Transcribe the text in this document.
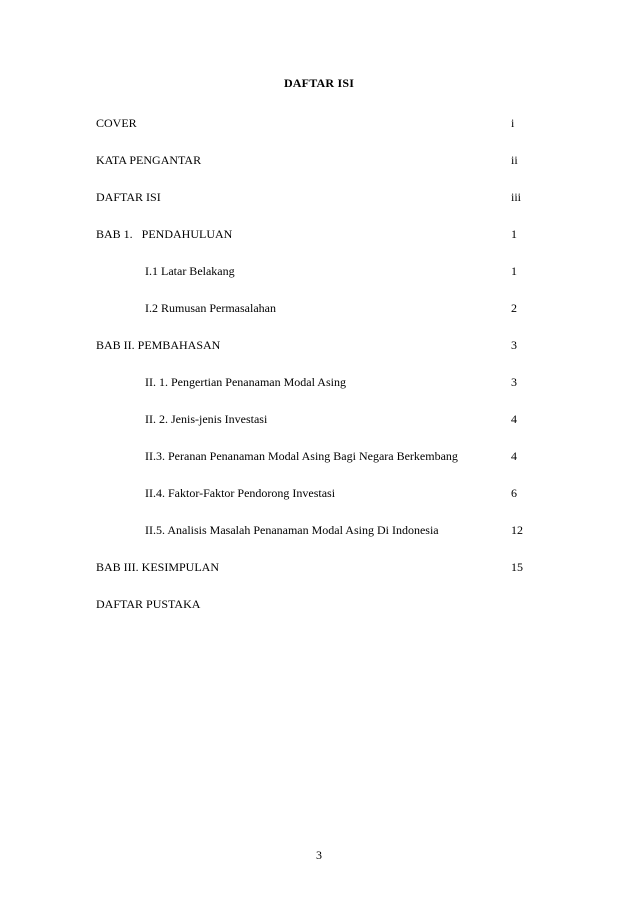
DAFTAR ISI
COVER	i
KATA PENGANTAR	ii
DAFTAR ISI	iii
BAB 1.   PENDAHULUAN	1
I.1 Latar Belakang	1
I.2 Rumusan Permasalahan	2
BAB II. PEMBAHASAN	3
II. 1. Pengertian Penanaman Modal Asing	3
II. 2. Jenis-jenis Investasi	4
II.3. Peranan Penanaman Modal Asing Bagi Negara Berkembang	4
II.4. Faktor-Faktor Pendorong Investasi	6
II.5. Analisis Masalah Penanaman Modal Asing Di Indonesia	12
BAB III. KESIMPULAN	15
DAFTAR PUSTAKA
3
